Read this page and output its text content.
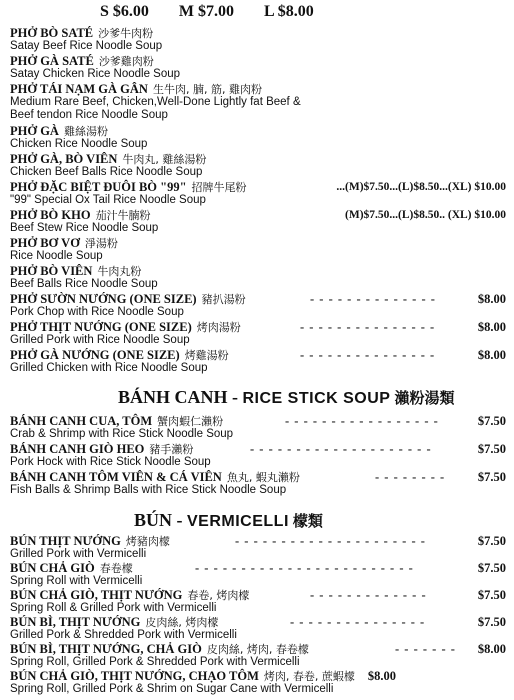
S $6.00 M $7.00 L $8.00
PHỞ BÒ SATÉ 沙爹牛肉粉
Satay Beef Rice Noodle Soup
PHỞ GÀ SATÉ 沙爹雞肉粉
Satay Chicken Rice Noodle Soup
PHỞ TÁI NẠM GÀ GÂN 生牛肉, 腩, 筋, 雞肉粉
Medium Rare Beef, Chicken,Well-Done Lightly fat Beef &
Beef tendon Rice Noodle Soup
PHỞ GÀ 雞絲湯粉
Chicken Rice Noodle Soup
PHỞ GÀ, BÒ VIÊN 牛肉丸, 雞絲湯粉
Chicken Beef Balls Rice Noodle Soup
PHỞ ĐẶC BIỆT ĐUÔI BÒ "99" 招牌牛尾粉	...(M)$7.50...(L)$8.50...(XL) $10.00
"99" Special Ox Tail Rice Noodle Soup
PHỞ BÒ KHO 茄汁牛腩粉	(M)$7.50...(L)$8.50.. (XL) $10.00
Beef Stew Rice Noodle Soup
PHỞ BƠ VƠ 淨湯粉
Rice Noodle Soup
PHỞ BÒ VIÊN 牛肉丸粉
Beef Balls Rice Noodle Soup
PHỞ SƯỜN NƯỚNG (ONE SIZE) 豬扒湯粉	- - - - - - - - - - - - - -	$8.00
Pork Chop with Rice Noodle Soup
PHỞ THỊT NƯỚNG (ONE SIZE) 烤肉湯粉	- - - - - - - - - - - - - - -	$8.00
Grilled Pork with Rice Noodle Soup
PHỞ GÀ NƯỚNG (ONE SIZE) 烤雞湯粉	- - - - - - - - - - - - - - -	$8.00
Grilled Chicken with Rice Noodle Soup
BÁNH CANH - RICE STICK SOUP 瀨粉湯類
BÁNH CANH CUA, TÔM 蟹肉蝦仁瀨粉	- - - - - - - - - - - - - - - - -	$7.50
Crab & Shrimp with Rice Stick Noodle Soup
BÁNH CANH GIÒ HEO 豬手瀨粉	- - - - - - - - - - - - - - - - - - - -	$7.50
Pork Hock with Rice Stick Noodle Soup
BÁNH CANH TÔM VIÊN & CÁ VIÊN 魚丸, 蝦丸瀨粉	- - - - - - - -	$7.50
Fish Balls & Shrimp Balls with Rice Stick Noodle Soup
BÚN - VERMICELLI 檬類
BÚN THỊT NƯỚNG 烤豬肉檬	- - - - - - - - - - - - - - - - - - - - -	$7.50
Grilled Pork with Vermicelli
BÚN CHẢ GIÒ 春卷檬	- - - - - - - - - - - - - - - - - - - - - - - -	$7.50
Spring Roll with Vermicelli
BÚN CHẢ GIÒ, THỊT NƯỚNG 春卷, 烤肉檬	- - - - - - - - - - - - -	$7.50
Spring Roll & Grilled Pork with Vermicelli
BÚN BÌ, THỊT NƯỚNG 皮肉絲, 烤肉檬	- - - - - - - - - - - - - - -	$7.50
Grilled Pork & Shredded Pork with Vermicelli
BÚN BÌ, THỊT NƯỚNG, CHẢ GIÒ 皮肉絲, 烤肉, 春卷檬	- - - - - - - $8.00
Spring Roll, Grilled Pork & Shredded Pork with Vermicelli
BÚN CHẢ GIÒ, THỊT NƯỚNG, CHẠO TÔM 烤肉, 春卷, 蔗蝦檬 $8.00
Spring Roll, Grilled Pork & Shrim on Sugar Cane with Vermicelli
